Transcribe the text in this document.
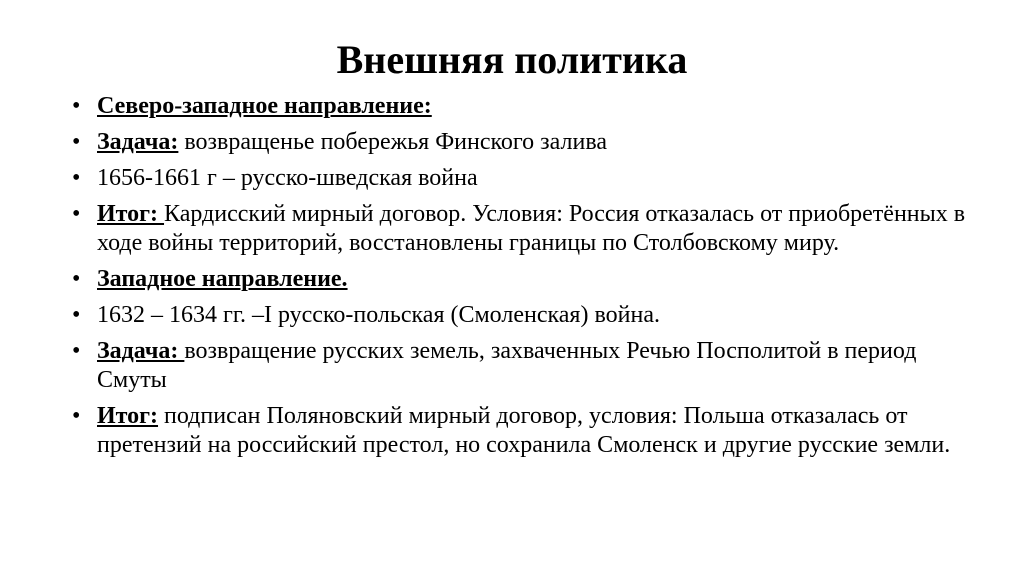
Внешняя политика
• Северо-западное направление:
• Задача: возвращенье побережья Финского залива
• 1656-1661 г – русско-шведская война
• Итог: Кардисский мирный договор. Условия: Россия отказалась от приобретённых в ходе войны территорий, восстановлены границы по Столбовскому миру.
• Западное направление.
• 1632 – 1634 гг. –I русско-польская (Смоленская) война.
• Задача: возвращение русских земель, захваченных Речью Посполитой в период Смуты
• Итог: подписан Поляновский мирный договор, условия: Польша отказалась от претензий на российский престол, но сохранила Смоленск и другие русские земли.
